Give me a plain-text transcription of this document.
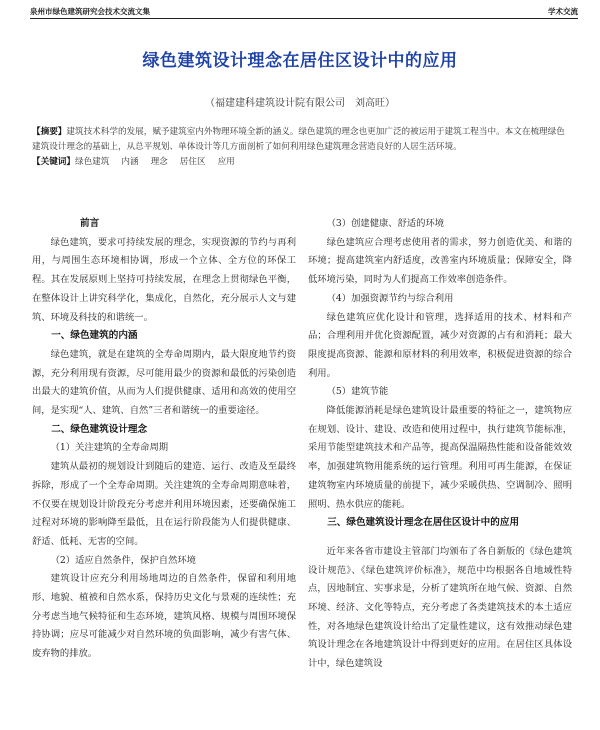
泉州市绿色建筑研究会技术交流文集	学术交流
绿色建筑设计理念在居住区设计中的应用
（福建建科建筑设计院有限公司　刘高旺）

【摘要】建筑技术科学的发展，赋予建筑室内外物理环境全新的涵义。绿色建筑的理念也更加广泛的被运用于建筑工程当中。本文在梳理绿色建筑设计理念的基础上，从总平规划、单体设计等几方面剖析了如何利用绿色建筑理念营造良好的人居生活环境。

【关键词】绿色建筑 内涵 理念 居住区 应用

前言

绿色建筑，要求可持续发展的理念，实现资源的节约与再利用，与周围生态环境相协调，形成一个立体、全方位的环保工程。其在发展原则上坚持可持续发展，在理念上贯彻绿色平衡，在整体设计上讲究科学化，集成化，自然化，充分展示人文与建筑、环境及科技的和谐统一。

一、绿色建筑的内涵

绿色建筑，就是在建筑的全寿命周期内，最大限度地节约资源，充分利用现有资源，尽可能用最少的资源和最低的污染创造出最大的建筑价值，从而为人们提供健康、适用和高效的使用空间，是实现“人、建筑、自然”三者和谐统一的重要途径。

二、绿色建筑设计理念
（1）关注建筑的全寿命周期

建筑从最初的规划设计到随后的建造、运行、改造及至最终拆除，形成了一个全寿命周期。关注建筑的全寿命周期意味着，不仅要在规划设计阶段充分考虑并利用环境因素，还要确保施工过程对环境的影响降至最低，且在运行阶段能为人们提供健康、舒适、低耗、无害的空间。

（2）适应自然条件，保护自然环境

建筑设计应充分利用场地周边的自然条件，保留和利用地形、地貌、植被和自然水系，保持历史文化与景观的连续性；充分考虑当地气候特征和生态环境，建筑风格、规模与周围环境保持协调；应尽可能减少对自然环境的负面影响，减少有害气体、废弃物的排放。

（3）创建健康、舒适的环境

绿色建筑应合理考虑使用者的需求，努力创造优美、和谐的环境；提高建筑室内舒适度，改善室内环境质量；保障安全，降低环境污染，同时为人们提高工作效率创造条件。

（4）加强资源节约与综合利用

绿色建筑应优化设计和管理，选择适用的技术、材料和产品；合理利用并优化资源配置，减少对资源的占有和消耗；最大限度提高资源、能源和原材料的利用效率，积极促进资源的综合利用。

（5）建筑节能

降低能源消耗是绿色建筑设计最重要的特征之一，建筑物应在规划、设计、建设、改造和使用过程中，执行建筑节能标准，采用节能型建筑技术和产品等，提高保温隔热性能和设备能效效率，加强建筑物用能系统的运行管理。利用可再生能源，在保证建筑物室内环境质量的前提下，减少采暖供热、空调制冷、照明照明、热水供应的能耗。

三、绿色建筑设计理念在居住区设计中的应用

近年来各省市建设主管部门均颁布了各自新版的《绿色建筑设计规范》、《绿色建筑评价标准》，规范中均根据各自地域性特点，因地制宜、实事求是，分析了建筑所在地气候、资源、自然环境、经济、文化等特点，充分考虑了各类建筑技术的本土适应性，对各地绿色建筑设计给出了定量性建议，这有效推动绿色建筑设计理念在各地建筑设计中得到更好的应用。在居住区具体设计中，绿色建筑设
